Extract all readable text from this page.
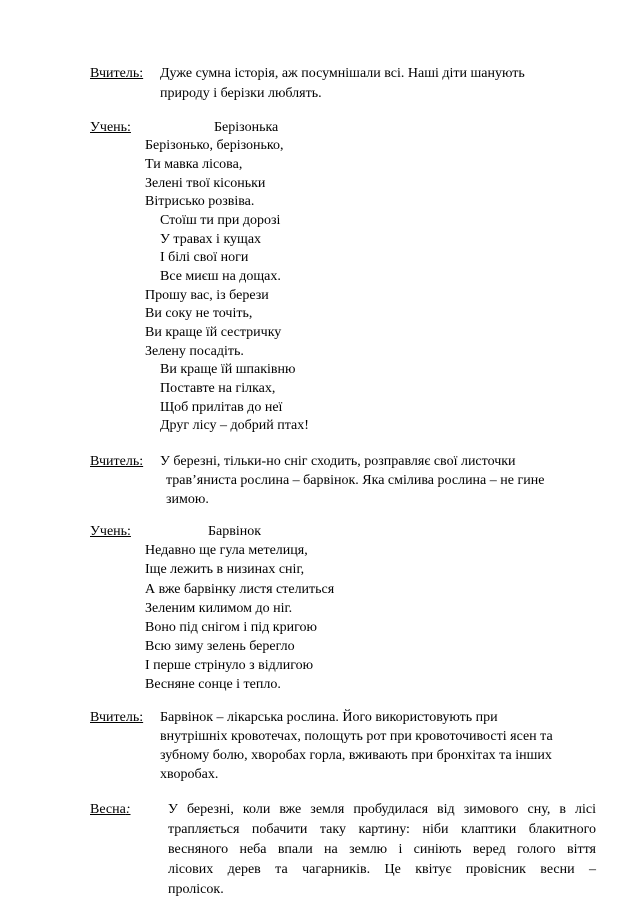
Вчитель: Дуже сумна історія, аж посумнішали всі. Наші діти шанують
природу і берізки люблять.
Учень:	Берізонька
Берізонько, берізонько,
Ти мавка лісова,
Зелені твої кісоньки
Вітрисько розвіва.
Стоїш ти при дорозі
У травах і кущах
І білі свої ноги
Все миєш на дощах.
Прошу вас, із берези
Ви соку не точіть,
Ви краще їй сестричку
Зелену посадіть.
Ви краще їй шпаківню
Поставте на гілках,
Щоб прилітав до неї
Друг лісу – добрий птах!
Вчитель: У березні, тільки-но сніг сходить, розправляє свої листочки
трав’яниста рослина – барвінок. Яка смілива рослина – не гине
зимою.
Учень:	Барвінок
Недавно ще гула метелиця,
Іще лежить в низинах сніг,
А вже барвінку листя стелиться
Зеленим килимом до ніг.
Воно під снігом і під кригою
Всю зиму зелень берегло
І перше стрінуло з відлигою
Весняне сонце і тепло.
Вчитель: Барвінок – лікарська рослина. Його використовують при
внутрішніх кровотечах, полощуть рот при кровоточивості ясен та
зубному болю, хворобах горла, вживають при бронхітах та інших
хворобах.
Весна:	У березні, коли вже земля пробудилася від зимового сну, в лісі
трапляється побачити таку картину: ніби клаптики блакитного
весняного неба впали на землю і синіють веред голого віття
лісових дерев та чагарників. Це квітує провісник весни –
пролісок.
